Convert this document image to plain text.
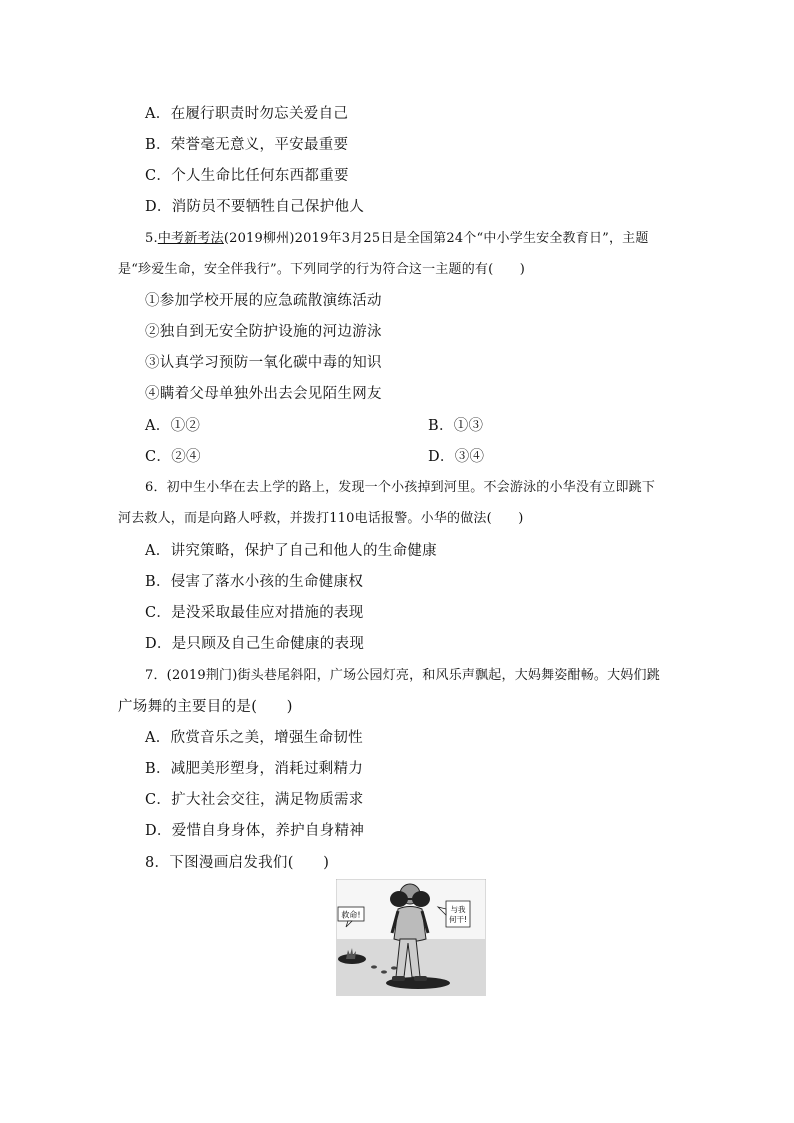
A．在履行职责时勿忘关爱自己
B．荣誉毫无意义，平安最重要
C．个人生命比任何东西都重要
D．消防员不要牺牲自己保护他人
5.中考新考法(2019柳州)2019年3月25日是全国第24个“中小学生安全教育日”，主题
是“珍爱生命，安全伴我行”。下列同学的行为符合这一主题的有(　　)
①参加学校开展的应急疏散演练活动
②独自到无安全防护设施的河边游泳
③认真学习预防一氧化碳中毒的知识
④瞒着父母单独外出去会见陌生网友
A．①②	B．①③
C．②④	D．③④
6．初中生小华在去上学的路上，发现一个小孩掉到河里。不会游泳的小华没有立即跳下
河去救人，而是向路人呼救，并拨打110电话报警。小华的做法(　　)
A．讲究策略，保护了自己和他人的生命健康
B．侵害了落水小孩的生命健康权
C．是没采取最佳应对措施的表现
D．是只顾及自己生命健康的表现
7．(2019荆门)街头巷尾斜阳，广场公园灯亮，和风乐声飘起，大妈舞姿酣畅。大妈们跳
广场舞的主要目的是(　　)
A．欣赏音乐之美，增强生命韧性
B．减肥美形塑身，消耗过剩精力
C．扩大社会交往，满足物质需求
D．爱惜自身身体，养护自身精神
8．下图漫画启发我们(　　)
救命!
与我
何干!
